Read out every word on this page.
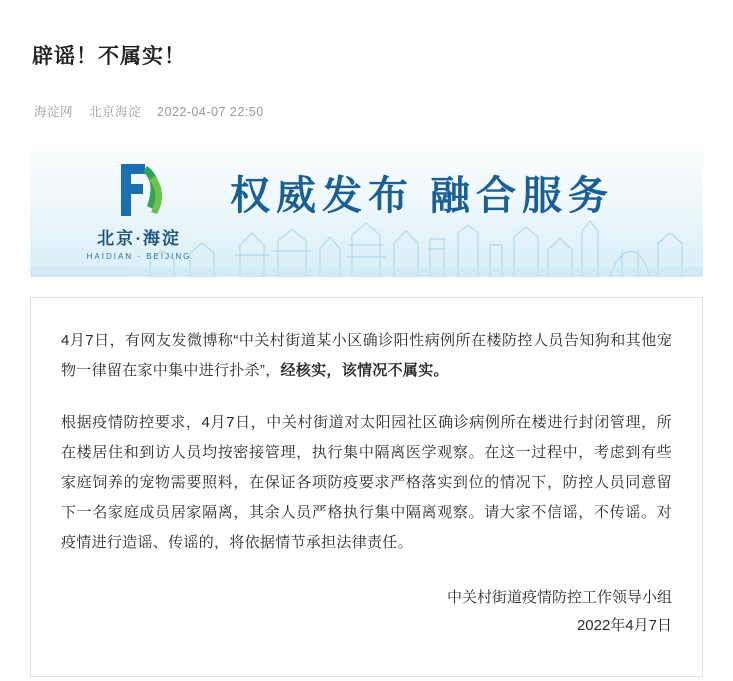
辟谣！不属实！
海淀网 北京海淀 2022-04-07 22:50
北京·海淀
HAIDIAN · BEIJING
权威发布 融合服务

4月7日，有网友发微博称“中关村街道某小区确诊阳性病例所在楼防控人员告知狗和其他宠物一律留在家中集中进行扑杀”，经核实，该情况不属实。

根据疫情防控要求，4月7日，中关村街道对太阳园社区确诊病例所在楼进行封闭管理，所在楼居住和到访人员均按密接管理，执行集中隔离医学观察。在这一过程中，考虑到有些家庭饲养的宠物需要照料，在保证各项防疫要求严格落实到位的情况下，防控人员同意留下一名家庭成员居家隔离，其余人员严格执行集中隔离观察。请大家不信谣，不传谣。对疫情进行造谣、传谣的，将依据情节承担法律责任。

中关村街道疫情防控工作领导小组
2022年4月7日
